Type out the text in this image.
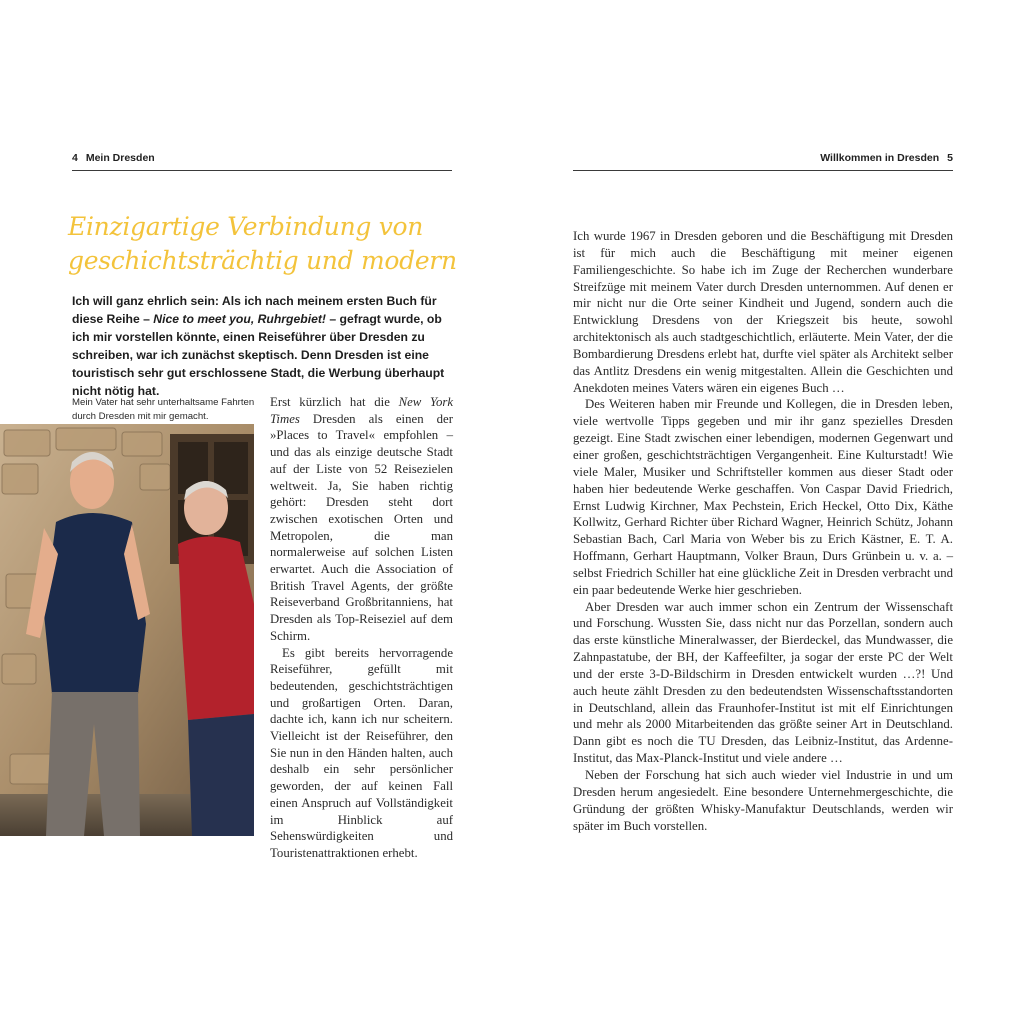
4 Mein Dresden
Einzigartige Verbindung von geschichtsträchtig und modern

Ich will ganz ehrlich sein: Als ich nach meinem ersten Buch für diese Reihe – Nice to meet you, Ruhrgebiet! – gefragt wurde, ob ich mir vorstellen könnte, einen Reiseführer über Dresden zu schreiben, war ich zunächst skeptisch. Denn Dresden ist eine touristisch sehr gut erschlossene Stadt, die Werbung überhaupt nicht nötig hat.

Mein Vater hat sehr unterhaltsame Fahrten durch Dresden mit mir gemacht.

Erst kürzlich hat die New York Times Dresden als einen der »Places to Travel« empfohlen – und das als einzige deutsche Stadt auf der Liste von 52 Reisezielen weltweit. Ja, Sie haben richtig gehört: Dresden steht dort zwischen exotischen Orten und Metropolen, die man normalerweise auf solchen Listen erwartet. Auch die Association of British Travel Agents, der größte Reiseverband Großbritanniens, hat Dresden als Top-Reiseziel auf dem Schirm.

Es gibt bereits hervorragende Reiseführer, gefüllt mit bedeutenden, geschichtsträchtigen und großartigen Orten. Daran, dachte ich, kann ich nur scheitern. Vielleicht ist der Reiseführer, den Sie nun in den Händen halten, auch deshalb ein sehr persönlicher geworden, der auf keinen Fall einen Anspruch auf Vollständigkeit im Hinblick auf Sehenswürdigkeiten und Touristenattraktionen erhebt.

Willkommen in Dresden 5

Ich wurde 1967 in Dresden geboren und die Beschäftigung mit Dresden ist für mich auch die Beschäftigung mit meiner eigenen Familiengeschichte. So habe ich im Zuge der Recherchen wunderbare Streifzüge mit meinem Vater durch Dresden unternommen. Auf denen er mir nicht nur die Orte seiner Kindheit und Jugend, sondern auch die Entwicklung Dresdens von der Kriegszeit bis heute, sowohl architektonisch als auch stadtgeschichtlich, erläuterte. Mein Vater, der die Bombardierung Dresdens erlebt hat, durfte viel später als Architekt selber das Antlitz Dresdens ein wenig mitgestalten. Allein die Geschichten und Anekdoten meines Vaters wären ein eigenes Buch …

Des Weiteren haben mir Freunde und Kollegen, die in Dresden leben, viele wertvolle Tipps gegeben und mir ihr ganz spezielles Dresden gezeigt. Eine Stadt zwischen einer lebendigen, modernen Gegenwart und einer großen, geschichtsträchtigen Vergangenheit. Eine Kulturstadt! Wie viele Maler, Musiker und Schriftsteller kommen aus dieser Stadt oder haben hier bedeutende Werke geschaffen. Von Caspar David Friedrich, Ernst Ludwig Kirchner, Max Pechstein, Erich Heckel, Otto Dix, Käthe Kollwitz, Gerhard Richter über Richard Wagner, Heinrich Schütz, Johann Sebastian Bach, Carl Maria von Weber bis zu Erich Kästner, E. T. A. Hoffmann, Gerhart Hauptmann, Volker Braun, Durs Grünbein u. v. a. – selbst Friedrich Schiller hat eine glückliche Zeit in Dresden verbracht und ein paar bedeutende Werke hier geschrieben.

Aber Dresden war auch immer schon ein Zentrum der Wissenschaft und Forschung. Wussten Sie, dass nicht nur das Porzellan, sondern auch das erste künstliche Mineralwasser, der Bierdeckel, das Mundwasser, die Zahnpastatube, der BH, der Kaffeefilter, ja sogar der erste PC der Welt und der erste 3-D-Bildschirm in Dresden entwickelt wurden …?! Und auch heute zählt Dresden zu den bedeutendsten Wissenschaftsstandorten in Deutschland, allein das Fraunhofer-Institut ist mit elf Einrichtungen und mehr als 2000 Mitarbeitenden das größte seiner Art in Deutschland. Dann gibt es noch die TU Dresden, das Leibniz-Institut, das Ardenne-Institut, das Max-Planck-Institut und viele andere …

Neben der Forschung hat sich auch wieder viel Industrie in und um Dresden herum angesiedelt. Eine besondere Unternehmergeschichte, die Gründung der größten Whisky-Manufaktur Deutschlands, werden wir später im Buch vorstellen.
